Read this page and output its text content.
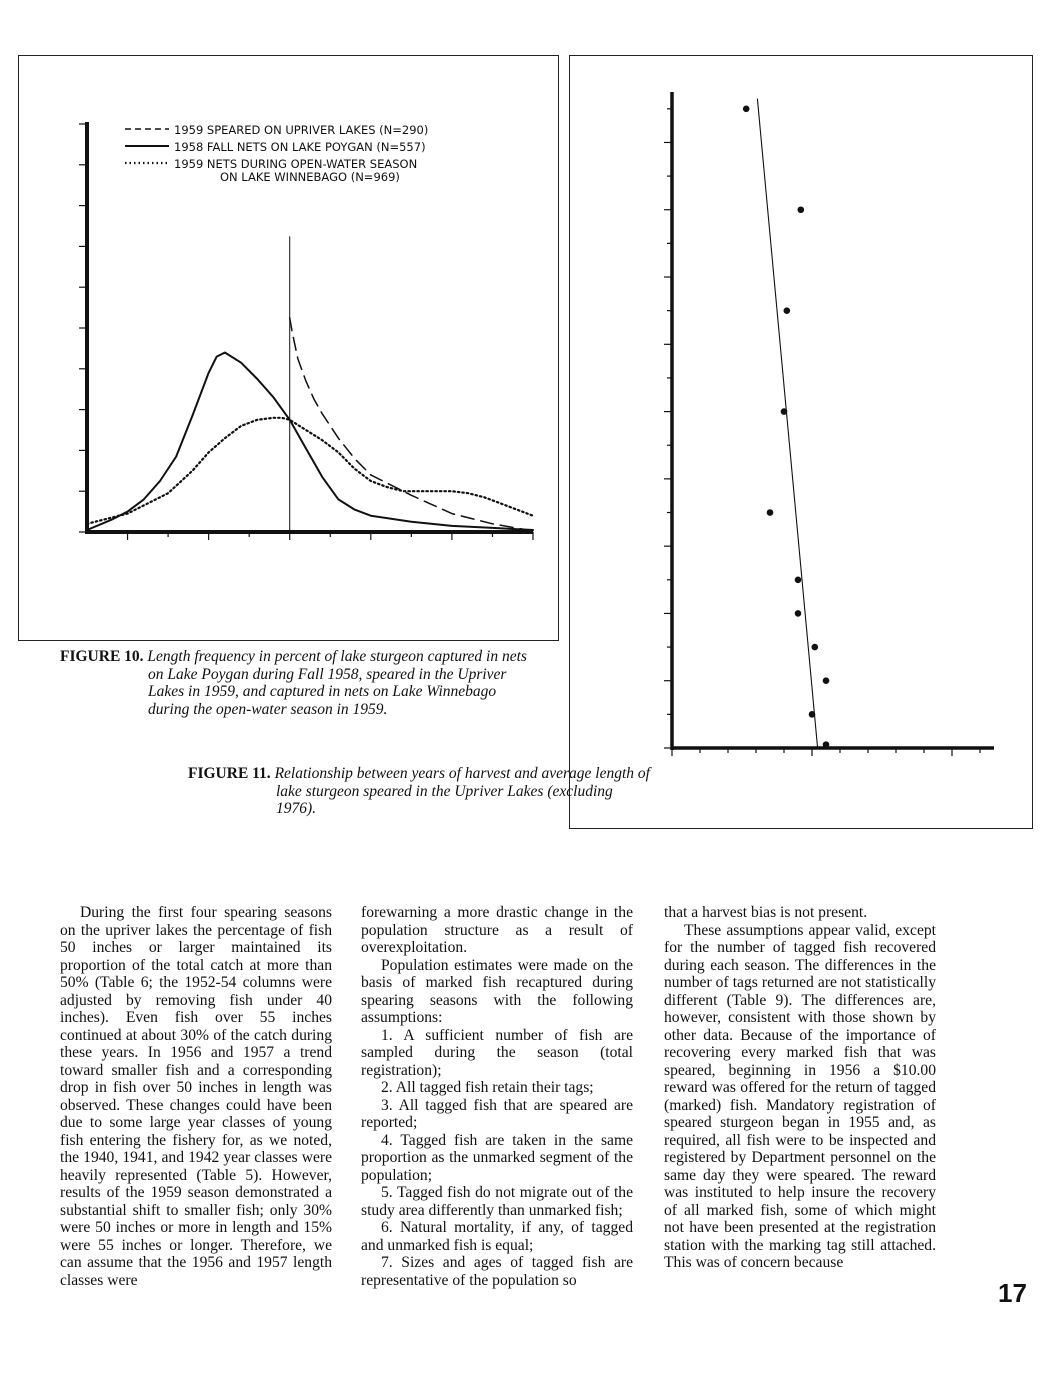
1959 SPEARED ON UPRIVER LAKES (N=290)
1958 FALL NETS ON LAKE POYGAN (N=557)
1959 NETS DURING OPEN-WATER SEASON ON LAKE WINNEBAGO (N=969)

FIGURE 10. Length frequency in percent of lake sturgeon captured in nets on Lake Poygan during Fall 1958, speared in the Upriver Lakes in 1959, and captured in nets on Lake Winnebago during the open-water season in 1959.

FIGURE 11. Relationship between years of harvest and average length of lake sturgeon speared in the Upriver Lakes (excluding 1976).

During the first four spearing seasons on the upriver lakes the percentage of fish 50 inches or larger maintained its proportion of the total catch at more than 50% (Table 6; the 1952-54 columns were adjusted by removing fish under 40 inches). Even fish over 55 inches continued at about 30% of the catch during these years. In 1956 and 1957 a trend toward smaller fish and a corresponding drop in fish over 50 inches in length was observed. These changes could have been due to some large year classes of young fish entering the fishery for, as we noted, the 1940, 1941, and 1942 year classes were heavily represented (Table 5). However, results of the 1959 season demonstrated a substantial shift to smaller fish; only 30% were 50 inches or more in length and 15% were 55 inches or longer. Therefore, we can assume that the 1956 and 1957 length classes were

forewarning a more drastic change in the population structure as a result of overexploitation.

Population estimates were made on the basis of marked fish recaptured during spearing seasons with the following assumptions:

1. A sufficient number of fish are sampled during the season (total registration);

2. All tagged fish retain their tags;

3. All tagged fish that are speared are reported;

4. Tagged fish are taken in the same proportion as the unmarked segment of the population;

5. Tagged fish do not migrate out of the study area differently than unmarked fish;

6. Natural mortality, if any, of tagged and unmarked fish is equal;

7. Sizes and ages of tagged fish are representative of the population so

that a harvest bias is not present.

These assumptions appear valid, except for the number of tagged fish recovered during each season. The differences in the number of tags returned are not statistically different (Table 9). The differences are, however, consistent with those shown by other data. Because of the importance of recovering every marked fish that was speared, beginning in 1956 a $10.00 reward was offered for the return of tagged (marked) fish. Mandatory registration of speared sturgeon began in 1955 and, as required, all fish were to be inspected and registered by Department personnel on the same day they were speared. The reward was instituted to help insure the recovery of all marked fish, some of which might not have been presented at the registration station with the marking tag still attached. This was of concern because

17
